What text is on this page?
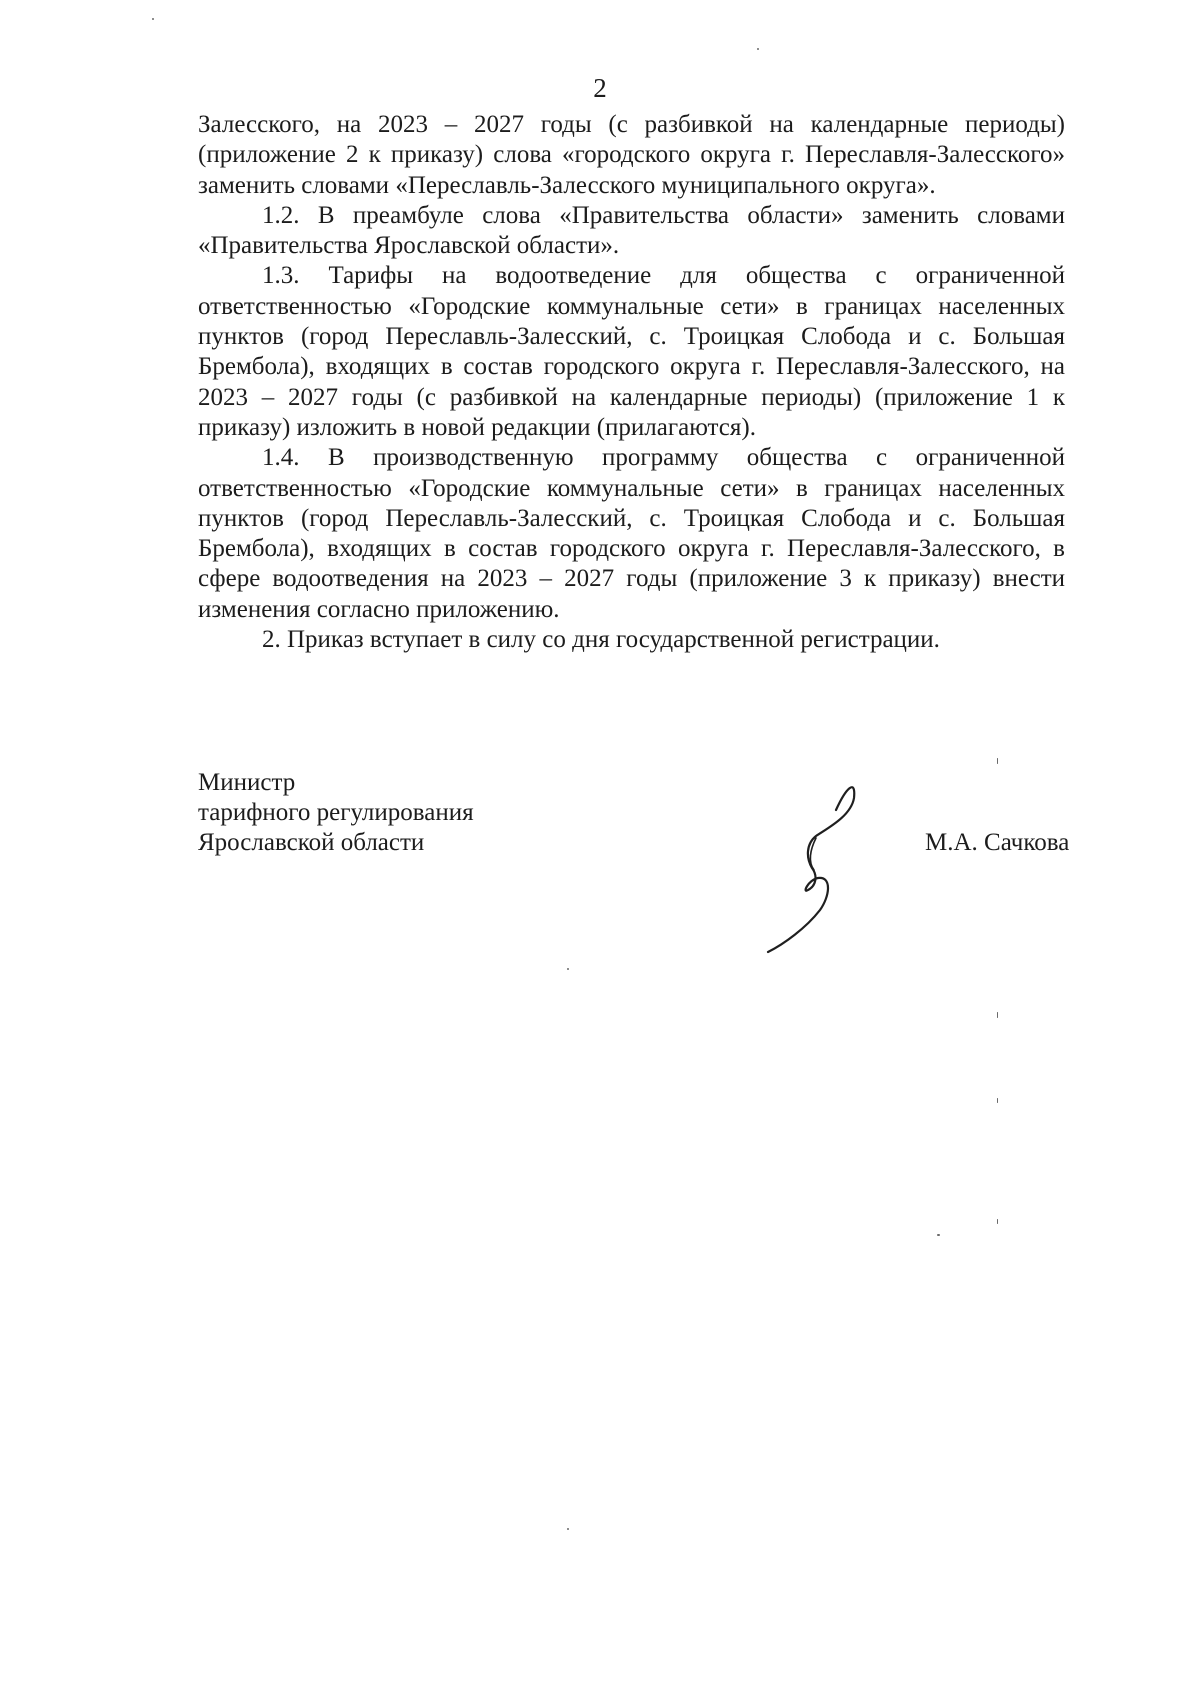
2

Залесского, на 2023 – 2027 годы (с разбивкой на календарные периоды) (приложение 2 к приказу) слова «городского округа г. Переславля-Залесского» заменить словами «Переславль-Залесского муниципального округа».

1.2. В преамбуле слова «Правительства области» заменить словами «Правительства Ярославской области».

1.3. Тарифы на водоотведение для общества с ограниченной ответственностью «Городские коммунальные сети» в границах населенных пунктов (город Переславль-Залесский, с. Троицкая Слобода и с. Большая Брембола), входящих в состав городского округа г. Переславля-Залесского, на 2023 – 2027 годы (с разбивкой на календарные периоды) (приложение 1 к приказу) изложить в новой редакции (прилагаются).

1.4. В производственную программу общества с ограниченной ответственностью «Городские коммунальные сети» в границах населенных пунктов (город Переславль-Залесский, с. Троицкая Слобода и с. Большая Брембола), входящих в состав городского округа г. Переславля-Залесского, в сфере водоотведения на 2023 – 2027 годы (приложение 3 к приказу) внести изменения согласно приложению.

2. Приказ вступает в силу со дня государственной регистрации.

Министр
тарифного регулирования
Ярославской области	М.А. Сачкова
